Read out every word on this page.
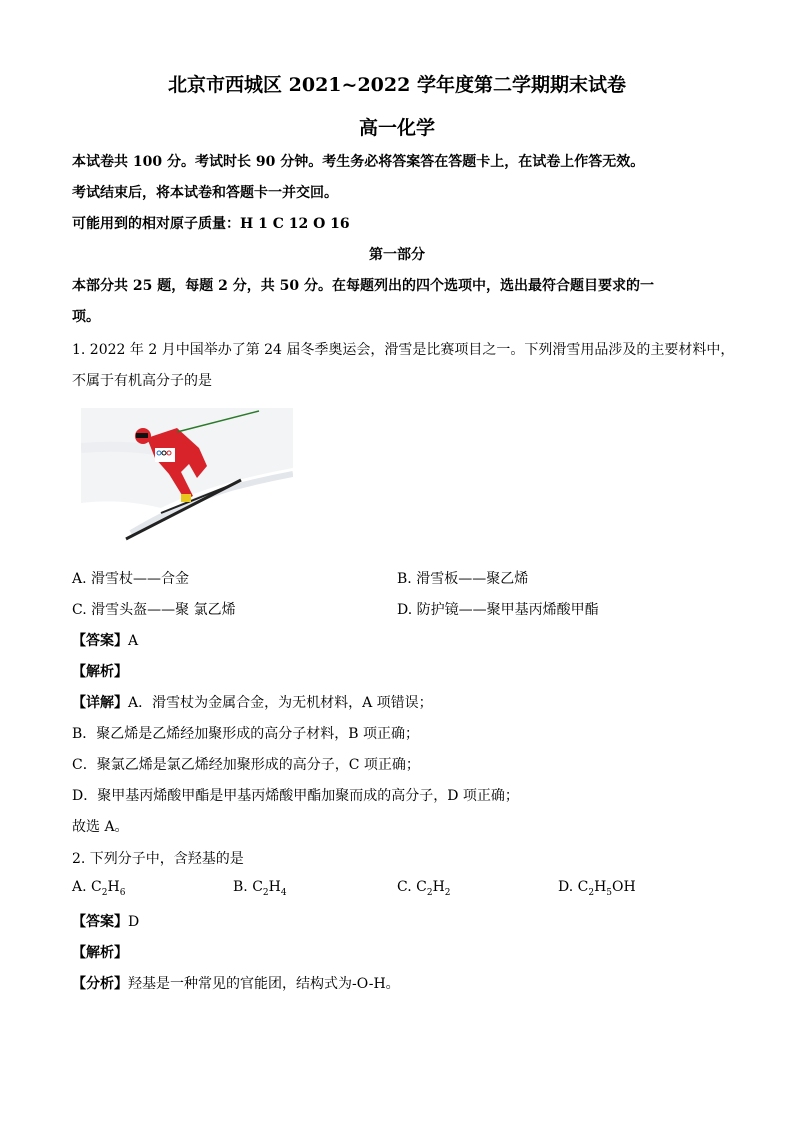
北京市西城区 2021~2022 学年度第二学期期末试卷
高一化学
本试卷共 100 分。考试时长 90 分钟。考生务必将答案答在答题卡上，在试卷上作答无效。
考试结束后，将本试卷和答题卡一并交回。
可能用到的相对原子质量：H 1 C 12 O 16
第一部分
本部分共 25 题，每题 2 分，共 50 分。在每题列出的四个选项中，选出最符合题目要求的一
项。
1. 2022 年 2 月中国举办了第 24 届冬季奥运会，滑雪是比赛项目之一。下列滑雪用品涉及的主要材料中，
不属于有机高分子的是
A. 滑雪杖——合金	B. 滑雪板——聚乙烯
C. 滑雪头盔——聚 氯乙烯	D. 防护镜——聚甲基丙烯酸甲酯
【答案】A
【解析】
【详解】A．滑雪杖为金属合金，为无机材料，A 项错误；
B．聚乙烯是乙烯经加聚形成的高分子材料，B 项正确；
C．聚氯乙烯是氯乙烯经加聚形成的高分子，C 项正确；
D．聚甲基丙烯酸甲酯是甲基丙烯酸甲酯加聚而成的高分子，D 项正确；
故选 A。
2. 下列分子中，含羟基的是
A. $C_2H_6$	B. $C_2H_4$	C. $C_2H_2$	D. $C_2H_5OH$
【答案】D
【解析】
【分析】羟基是一种常见的官能团，结构式为-O-H。
